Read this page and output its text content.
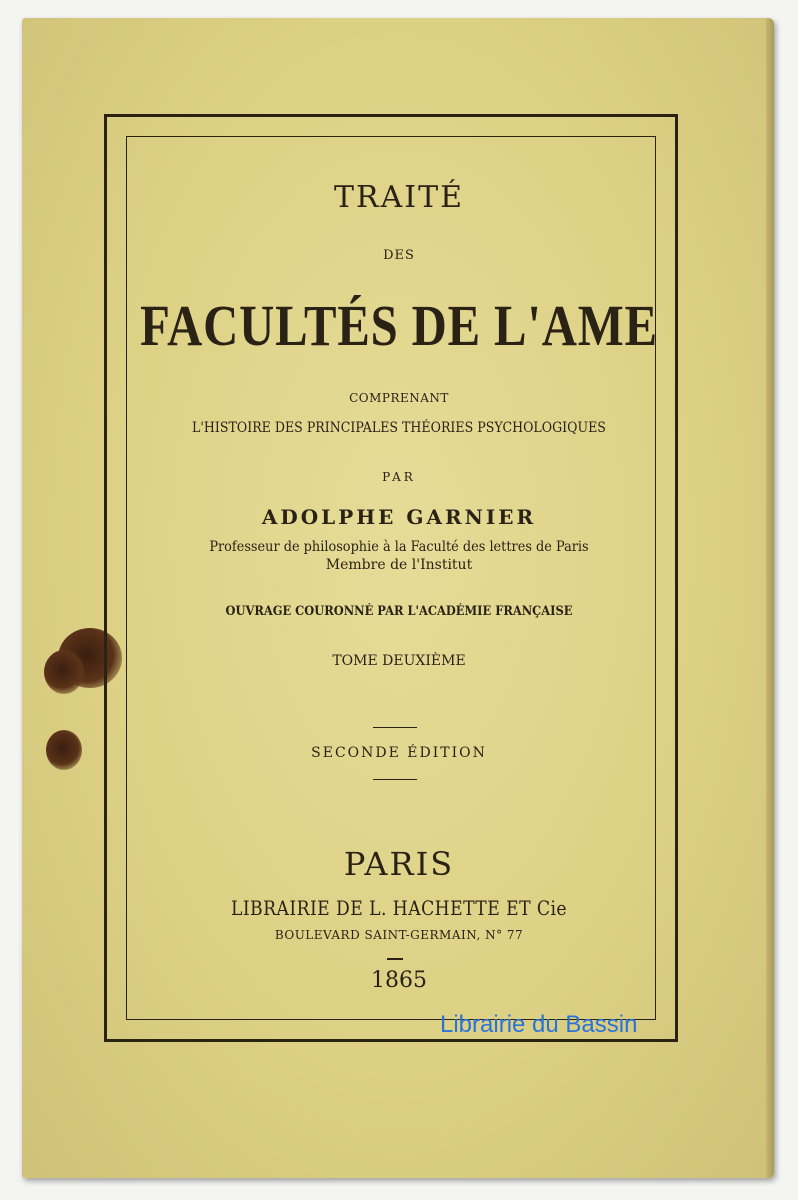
TRAITÉ
DES
FACULTÉS DE L'AME
COMPRENANT
L'HISTOIRE DES PRINCIPALES THÉORIES PSYCHOLOGIQUES
PAR
ADOLPHE GARNIER
Professeur de philosophie à la Faculté des lettres de Paris
Membre de l'Institut
OUVRAGE COURONNÉ PAR L'ACADÉMIE FRANÇAISE
TOME DEUXIÈME
SECONDE ÉDITION
PARIS
LIBRAIRIE DE L. HACHETTE ET Cie
BOULEVARD SAINT-GERMAIN, N° 77
1865
Librairie du Bassin
